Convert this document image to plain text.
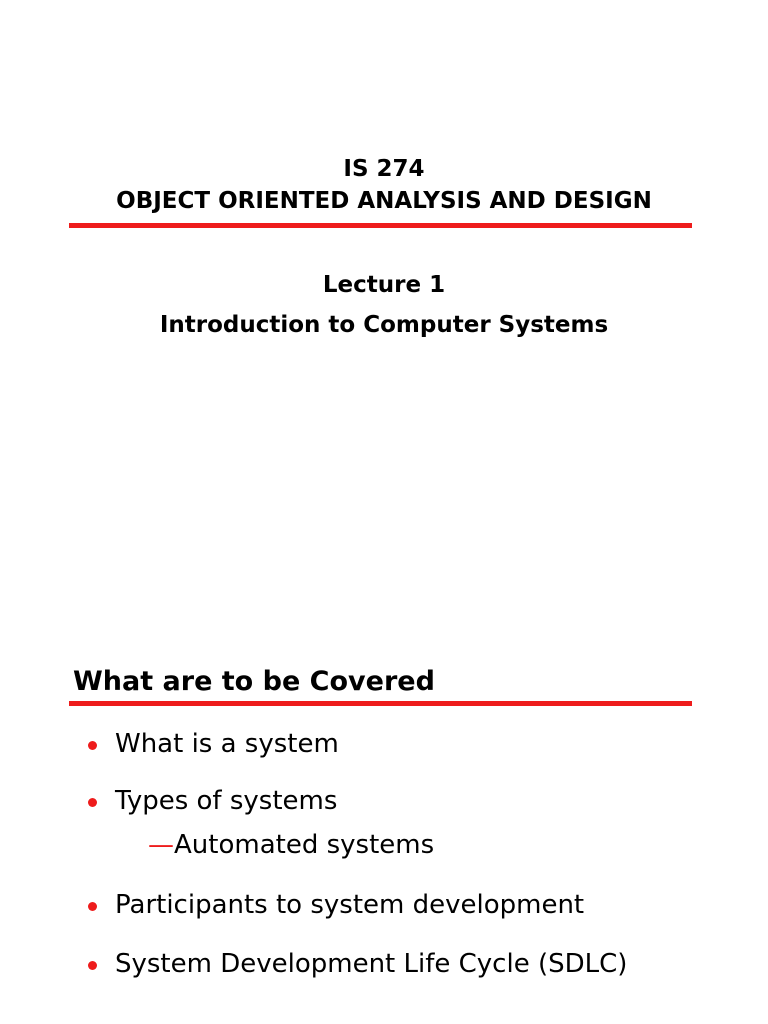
IS 274
OBJECT ORIENTED ANALYSIS AND DESIGN
Lecture 1
Introduction to Computer Systems
What are to be Covered
What is a system
Types of systems
—Automated systems
Participants to system development
System Development Life Cycle (SDLC)
